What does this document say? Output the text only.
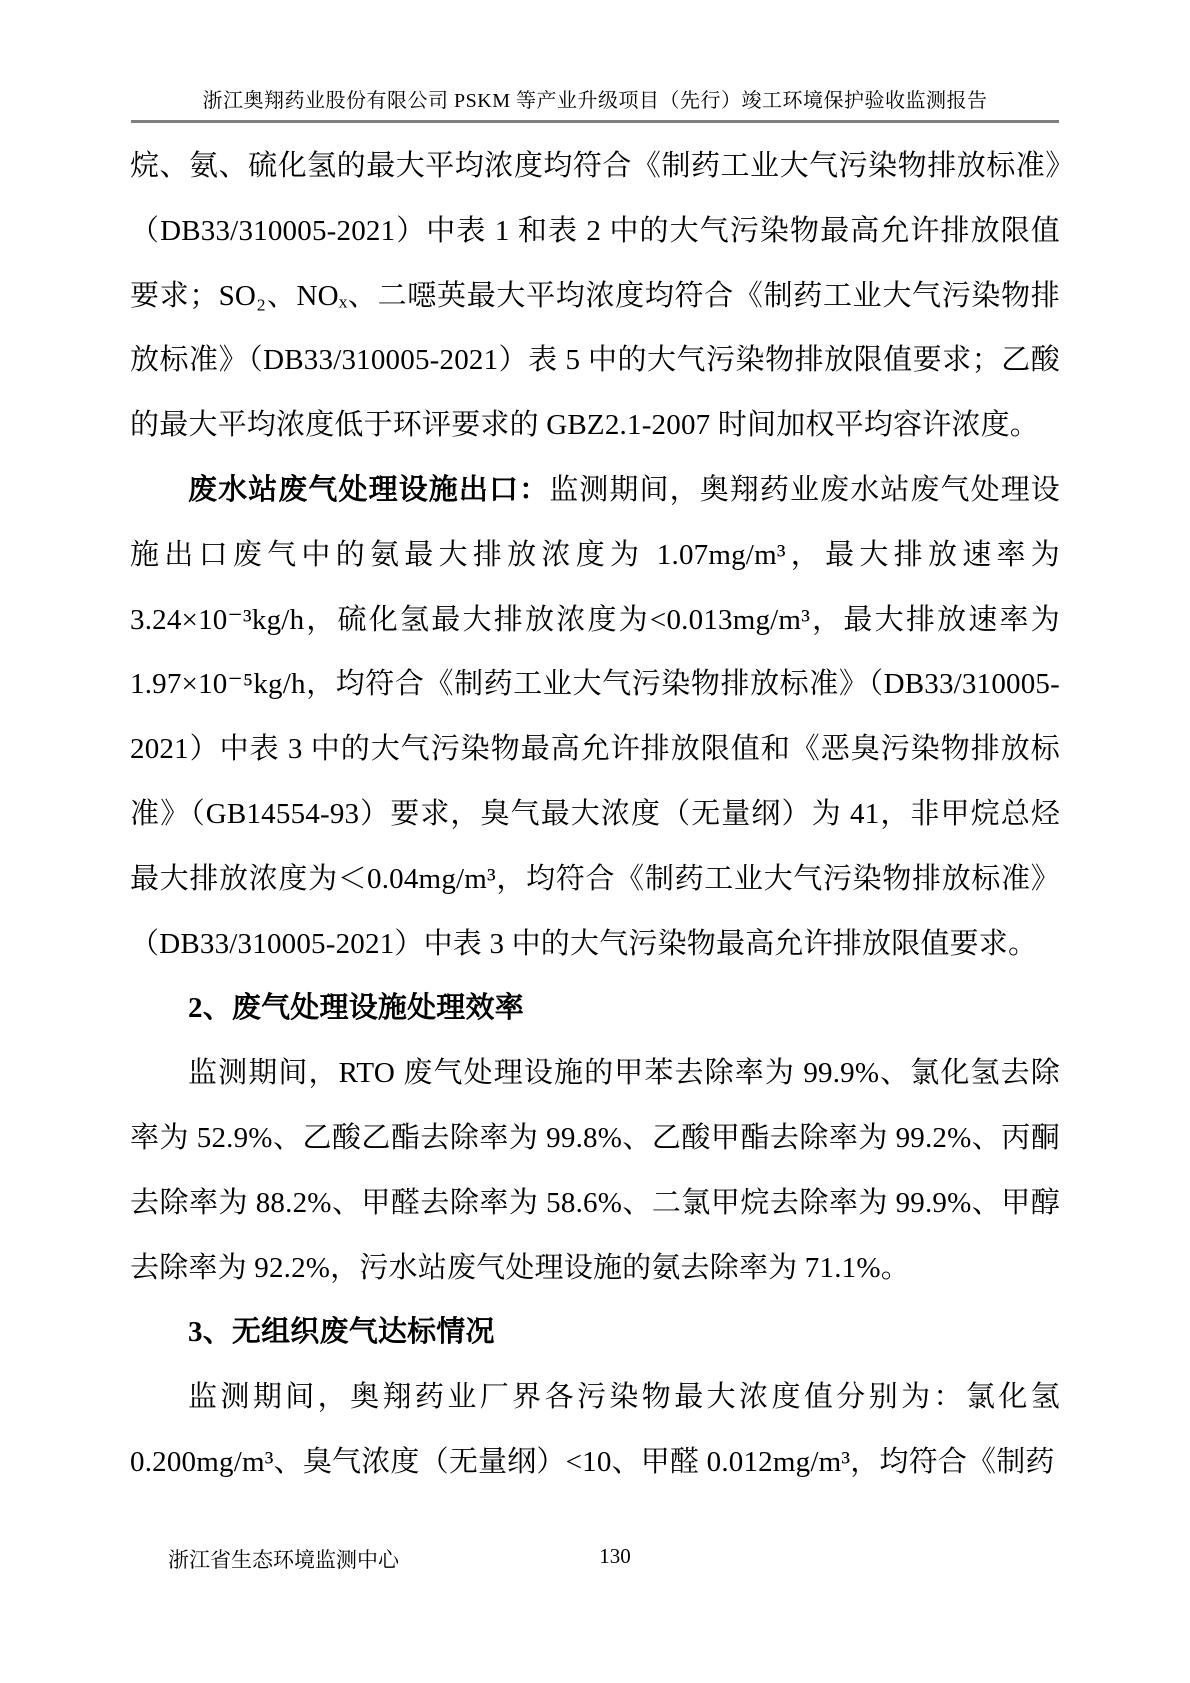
浙江奥翔药业股份有限公司 PSKM 等产业升级项目（先行）竣工环境保护验收监测报告

烷、氨、硫化氢的最大平均浓度均符合《制药工业大气污染物排放标准》（DB33/310005-2021）中表 1 和表 2 中的大气污染物最高允许排放限值要求；SO₂、NOₓ、二噁英最大平均浓度均符合《制药工业大气污染物排放标准》（DB33/310005-2021）表 5 中的大气污染物排放限值要求；乙酸的最大平均浓度低于环评要求的 GBZ2.1-2007 时间加权平均容许浓度。

废水站废气处理设施出口：监测期间，奥翔药业废水站废气处理设施出口废气中的氨最大排放浓度为 1.07mg/m³，最大排放速率为 3.24×10⁻³kg/h，硫化氢最大排放浓度为<0.013mg/m³，最大排放速率为 1.97×10⁻⁵kg/h，均符合《制药工业大气污染物排放标准》（DB33/310005-2021）中表 3 中的大气污染物最高允许排放限值和《恶臭污染物排放标准》（GB14554-93）要求，臭气最大浓度（无量纲）为 41，非甲烷总烃最大排放浓度为＜0.04mg/m³，均符合《制药工业大气污染物排放标准》（DB33/310005-2021）中表 3 中的大气污染物最高允许排放限值要求。

2、废气处理设施处理效率

监测期间，RTO 废气处理设施的甲苯去除率为 99.9%、氯化氢去除率为 52.9%、乙酸乙酯去除率为 99.8%、乙酸甲酯去除率为 99.2%、丙酮去除率为 88.2%、甲醛去除率为 58.6%、二氯甲烷去除率为 99.9%、甲醇去除率为 92.2%，污水站废气处理设施的氨去除率为 71.1%。

3、无组织废气达标情况

监测期间，奥翔药业厂界各污染物最大浓度值分别为：氯化氢 0.200mg/m³、臭气浓度（无量纲）<10、甲醛 0.012mg/m³，均符合《制药

浙江省生态环境监测中心	130
